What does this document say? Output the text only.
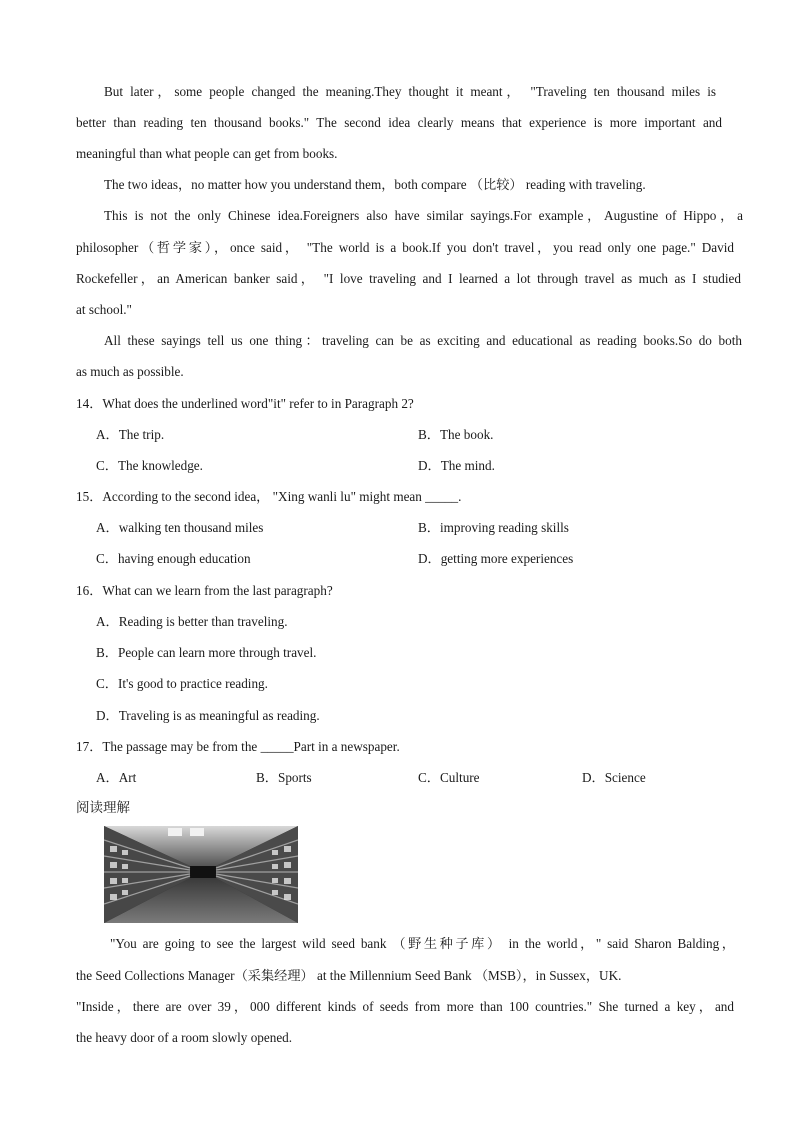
But later，some people changed the meaning.They thought it meant， "Traveling ten thousand miles is
better than reading ten thousand books." The second idea clearly means that experience is more important and
meaningful than what people can get from books.
The two ideas，no matter how you understand them，both compare （比较） reading with traveling.
This is not the only Chinese idea.Foreigners also have similar sayings.For example，Augustine of Hippo，a
philosopher（哲学家），once said， "The world is a book.If you don't travel，you read only one page." David
Rockefeller，an American banker said， "I love traveling and I learned a lot through travel as much as I studied
at school."
All these sayings tell us one thing：traveling can be as exciting and educational as reading books.So do both
as much as possible.
14．What does the underlined word"it" refer to in Paragraph 2?
A．The trip.	B．The book.
C．The knowledge.	D．The mind.
15．According to the second idea， "Xing wanli lu" might mean _____.
A．walking ten thousand miles	B．improving reading skills
C．having enough education	D．getting more experiences
16．What can we learn from the last paragraph?
A．Reading is better than traveling.
B．People can learn more through travel.
C．It's good to practice reading.
D．Traveling is as meaningful as reading.
17．The passage may be from the _____Part in a newspaper.
A．Art	B．Sports	C．Culture	D．Science
阅读理解
"You are going to see the largest wild seed bank （野生种子库） in the world，" said Sharon Balding，
the Seed Collections Manager（采集经理） at the Millennium Seed Bank （MSB），in Sussex，UK.
"Inside，there are over 39，000 different kinds of seeds from more than 100 countries." She turned a key，and
the heavy door of a room slowly opened.
